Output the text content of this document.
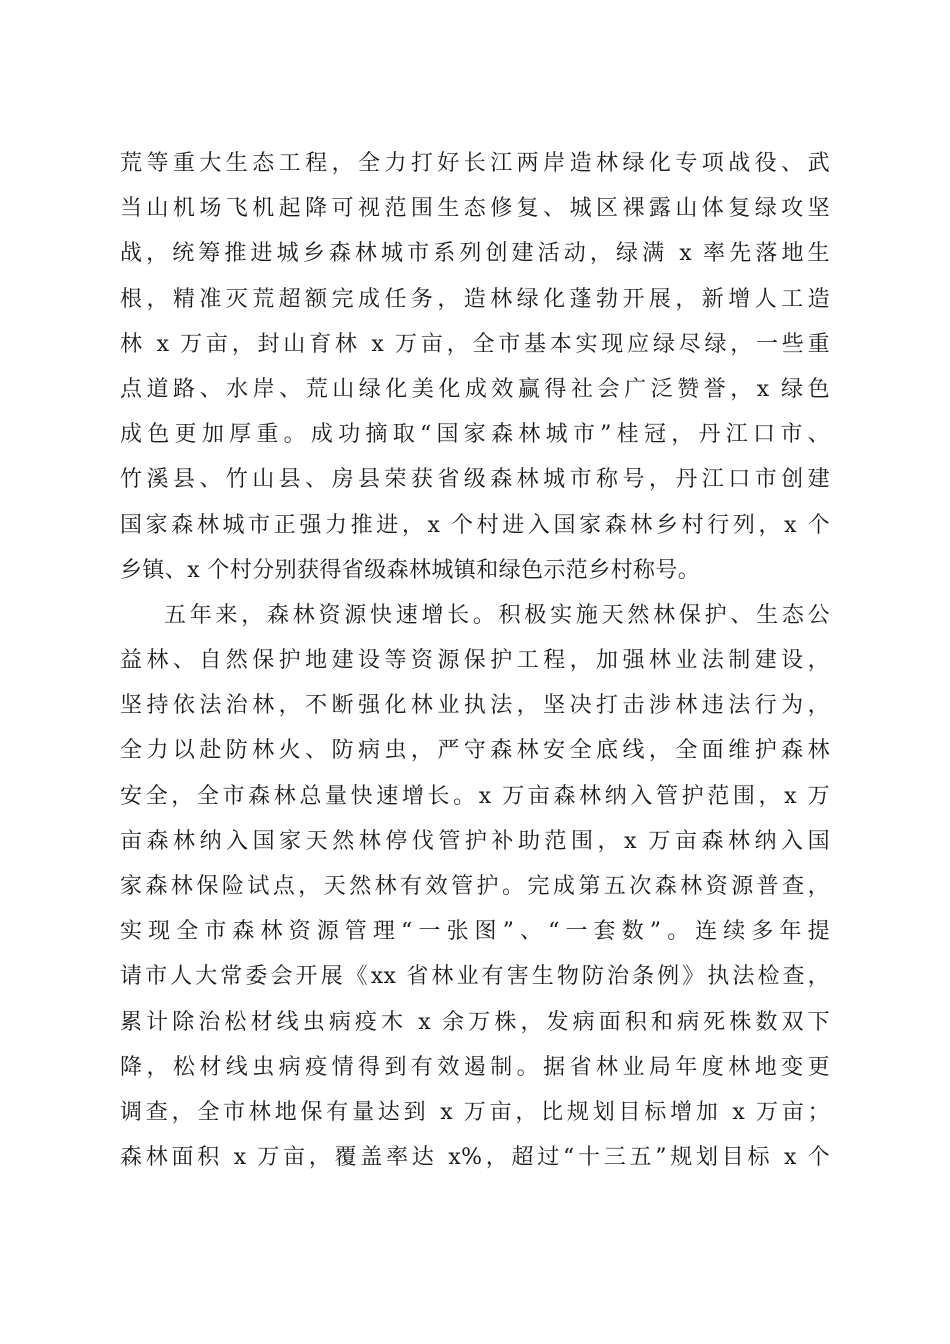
荒等重大生态工程，全力打好长江两岸造林绿化专项战役、武
当山机场飞机起降可视范围生态修复、城区裸露山体复绿攻坚
战，统筹推进城乡森林城市系列创建活动，绿满 x 率先落地生
根，精准灭荒超额完成任务，造林绿化蓬勃开展，新增人工造
林 x 万亩，封山育林 x 万亩，全市基本实现应绿尽绿，一些重
点道路、水岸、荒山绿化美化成效赢得社会广泛赞誉，x 绿色
成色更加厚重。成功摘取“国家森林城市”桂冠，丹江口市、
竹溪县、竹山县、房县荣获省级森林城市称号，丹江口市创建
国家森林城市正强力推进，x 个村进入国家森林乡村行列，x 个
乡镇、x 个村分别获得省级森林城镇和绿色示范乡村称号。
五年来，森林资源快速增长。积极实施天然林保护、生态公
益林、自然保护地建设等资源保护工程，加强林业法制建设，
坚持依法治林，不断强化林业执法，坚决打击涉林违法行为，
全力以赴防林火、防病虫，严守森林安全底线，全面维护森林
安全，全市森林总量快速增长。x 万亩森林纳入管护范围，x 万
亩森林纳入国家天然林停伐管护补助范围，x 万亩森林纳入国
家森林保险试点，天然林有效管护。完成第五次森林资源普查，
实现全市森林资源管理“一张图”、“一套数”。连续多年提
请市人大常委会开展《xx 省林业有害生物防治条例》执法检查，
累计除治松材线虫病疫木 x 余万株，发病面积和病死株数双下
降，松材线虫病疫情得到有效遏制。据省林业局年度林地变更
调查，全市林地保有量达到 x 万亩，比规划目标增加 x 万亩；
森林面积 x 万亩，覆盖率达 x%，超过“十三五”规划目标 x 个
